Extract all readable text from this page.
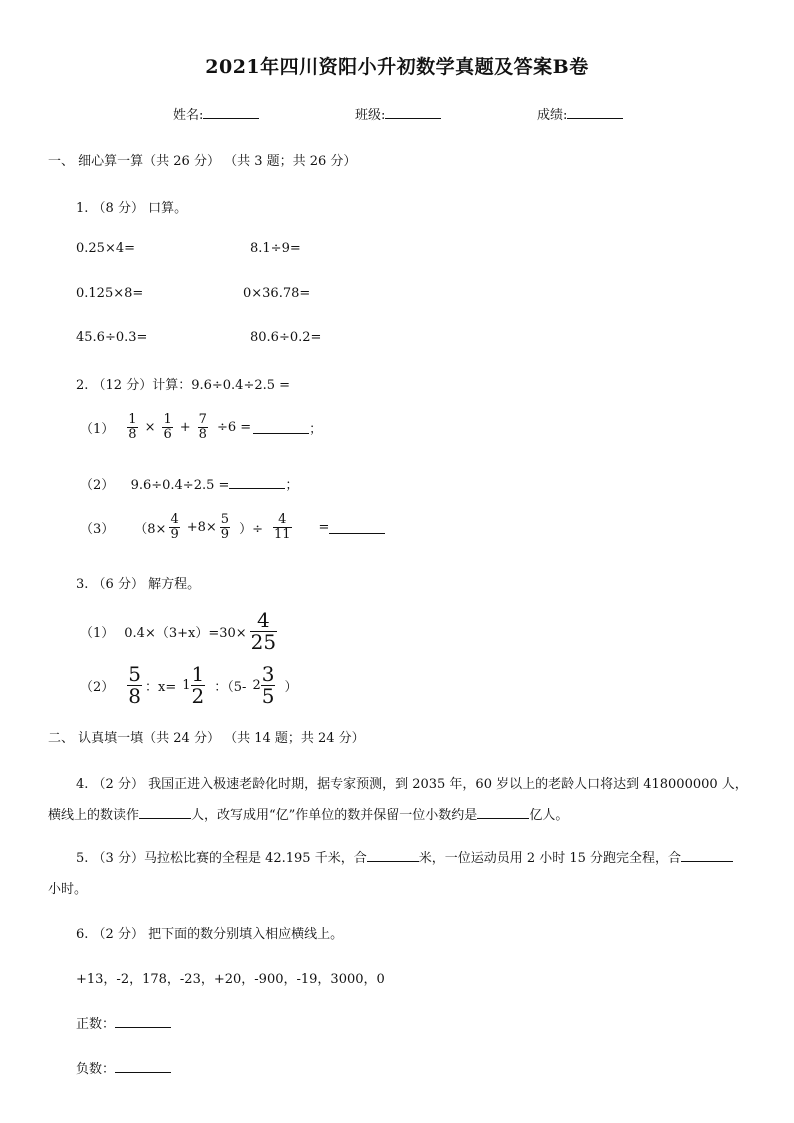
2021年四川资阳小升初数学真题及答案B卷
姓名:	班级:	成绩:
一、 细心算一算（共 26 分） （共 3 题；共 26 分）
1. （8 分） 口算。
0.25×4=	8.1÷9=
0.125×8=	0×36.78=
45.6÷0.3=	80.6÷0.2=
2. （12 分）计算：9.6÷0.4÷2.5 =
$(1) \frac{1}{8} \times \frac{1}{6} + \frac{7}{8} \div 6$ =	；
（2） 9.6÷0.4÷2.5 =	；
（3） （$8\times \frac{4}{9} +8\times \frac{5}{9}$ ）÷ $\frac{4}{11}$ =
3. （6 分） 解方程。
（1） $0.4\times(3+x)=30\times \frac{4}{25}$
$(2) \frac{5}{8}$ ：$x= 1 \frac{1}{2}$ ：（5- $2 \frac{3}{5}$ ）
二、 认真填一填（共 24 分） （共 14 题；共 24 分）
4. （2 分） 我国正进入极速老龄化时期，据专家预测，到 2035 年，60 岁以上的老龄人口将达到 418000000 人，
横线上的数读作	人，改写成用“亿”作单位的数并保留一位小数约是	亿人。
5. （3 分）马拉松比赛的全程是 42.195 千米，合	米，一位运动员用 2 小时 15 分跑完全程，合
小时。
6. （2 分） 把下面的数分别填入相应横线上。
+13，-2，178，-23，+20，-900，-19，3000，0
正数：
负数：
